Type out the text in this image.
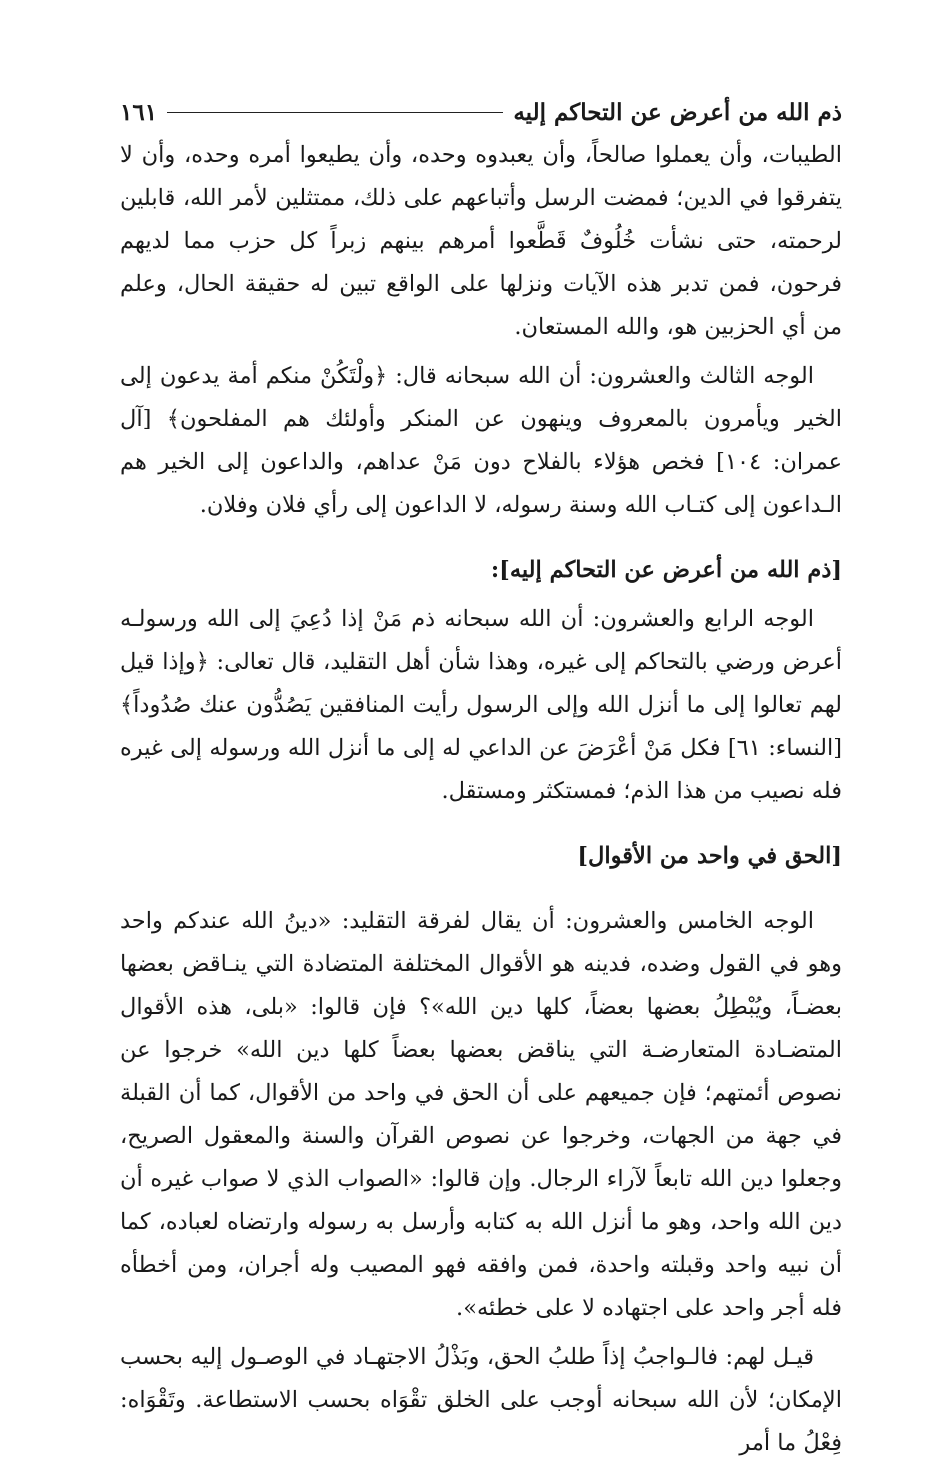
ذم الله من أعرض عن التحاكم إليه
١٦١

الطيبات، وأن يعملوا صالحاً، وأن يعبدوه وحده، وأن يطيعوا أمره وحده، وأن لا يتفرقوا في الدين؛ فمضت الرسل وأتباعهم على ذلك، ممتثلين لأمر الله، قابلين لرحمته، حتى نشأت خُلُوفٌ قَطَّعوا أمرهم بينهم زبراً كل حزب مما لديهم فرحون، فمن تدبر هذه الآيات ونزلها على الواقع تبين له حقيقة الحال، وعلم من أي الحزبين هو، والله المستعان.

الوجه الثالث والعشرون: أن الله سبحانه قال: ﴿ولْتَكُنْ منكم أمة يدعون إلى الخير ويأمرون بالمعروف وينهون عن المنكر وأولئك هم المفلحون﴾ [آل عمران: ١٠٤] فخص هؤلاء بالفلاح دون مَنْ عداهم، والداعون إلى الخير هم الـداعون إلى كتـاب الله وسنة رسوله، لا الداعون إلى رأي فلان وفلان.

[ذم الله من أعرض عن التحاكم إليه]:

الوجه الرابع والعشرون: أن الله سبحانه ذم مَنْ إذا دُعِيَ إلى الله ورسولـه أعرض ورضي بالتحاكم إلى غيره، وهذا شأن أهل التقليد، قال تعالى: ﴿وإذا قيل لهم تعالوا إلى ما أنزل الله وإلى الرسول رأيت المنافقين يَصُدُّون عنك صُدُوداً﴾ [النساء: ٦١] فكل مَنْ أعْرَضَ عن الداعي له إلى ما أنزل الله ورسوله إلى غيره فله نصيب من هذا الذم؛ فمستكثر ومستقل.

[الحق في واحد من الأقوال]

الوجه الخامس والعشرون: أن يقال لفرقة التقليد: «دينُ الله عندكم واحد وهو في القول وضده، فدينه هو الأقوال المختلفة المتضادة التي ينـاقض بعضها بعضـاً، ويُبْطِلُ بعضها بعضاً، كلها دين الله»؟ فإن قالوا: «بلى، هذه الأقوال المتضـادة المتعارضـة التي يناقض بعضها بعضاً كلها دين الله» خرجوا عن نصوص أئمتهم؛ فإن جميعهم على أن الحق في واحد من الأقوال، كما أن القبلة في جهة من الجهات، وخرجوا عن نصوص القرآن والسنة والمعقول الصريح، وجعلوا دين الله تابعاً لآراء الرجال. وإن قالوا: «الصواب الذي لا صواب غيره أن دين الله واحد، وهو ما أنزل الله به كتابه وأرسل به رسوله وارتضاه لعباده، كما أن نبيه واحد وقبلته واحدة، فمن وافقه فهو المصيب وله أجران، ومن أخطأه فله أجر واحد على اجتهاده لا على خطئه».

قيـل لهم: فالـواجبُ إذاً طلبُ الحق، وبَذْلُ الاجتهـاد في الوصـول إليه بحسب الإمكان؛ لأن الله سبحانه أوجب على الخلق تقْوَاه بحسب الاستطاعة. وتَقْوَاه: فِعْلُ ما أمر
